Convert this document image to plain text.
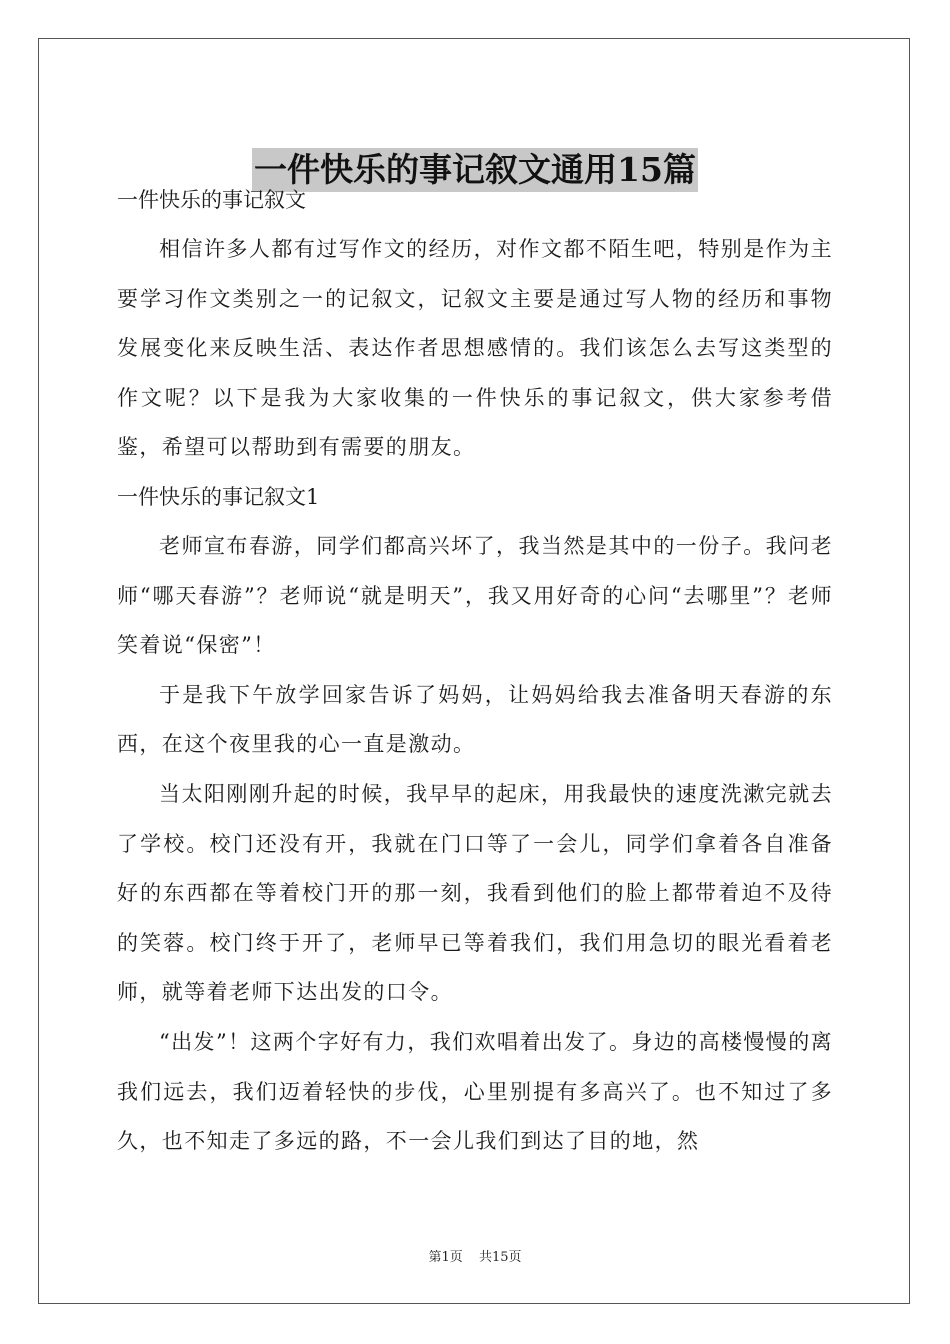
一件快乐的事记叙文通用15篇

一件快乐的事记叙文

相信许多人都有过写作文的经历，对作文都不陌生吧，特别是作为主要学习作文类别之一的记叙文，记叙文主要是通过写人物的经历和事物发展变化来反映生活、表达作者思想感情的。我们该怎么去写这类型的作文呢？以下是我为大家收集的一件快乐的事记叙文，供大家参考借鉴，希望可以帮助到有需要的朋友。

一件快乐的事记叙文1

老师宣布春游，同学们都高兴坏了，我当然是其中的一份子。我问老师“哪天春游”？老师说“就是明天”，我又用好奇的心问“去哪里”？老师笑着说“保密”！

于是我下午放学回家告诉了妈妈，让妈妈给我去准备明天春游的东西，在这个夜里我的心一直是激动。

当太阳刚刚升起的时候，我早早的起床，用我最快的速度洗漱完就去了学校。校门还没有开，我就在门口等了一会儿，同学们拿着各自准备好的东西都在等着校门开的那一刻，我看到他们的脸上都带着迫不及待的笑蓉。校门终于开了，老师早已等着我们，我们用急切的眼光看着老师，就等着老师下达出发的口令。

“出发”！这两个字好有力，我们欢唱着出发了。身边的高楼慢慢的离我们远去，我们迈着轻快的步伐，心里别提有多高兴了。也不知过了多久，也不知走了多远的路，不一会儿我们到达了目的地，然

第1页 共15页
